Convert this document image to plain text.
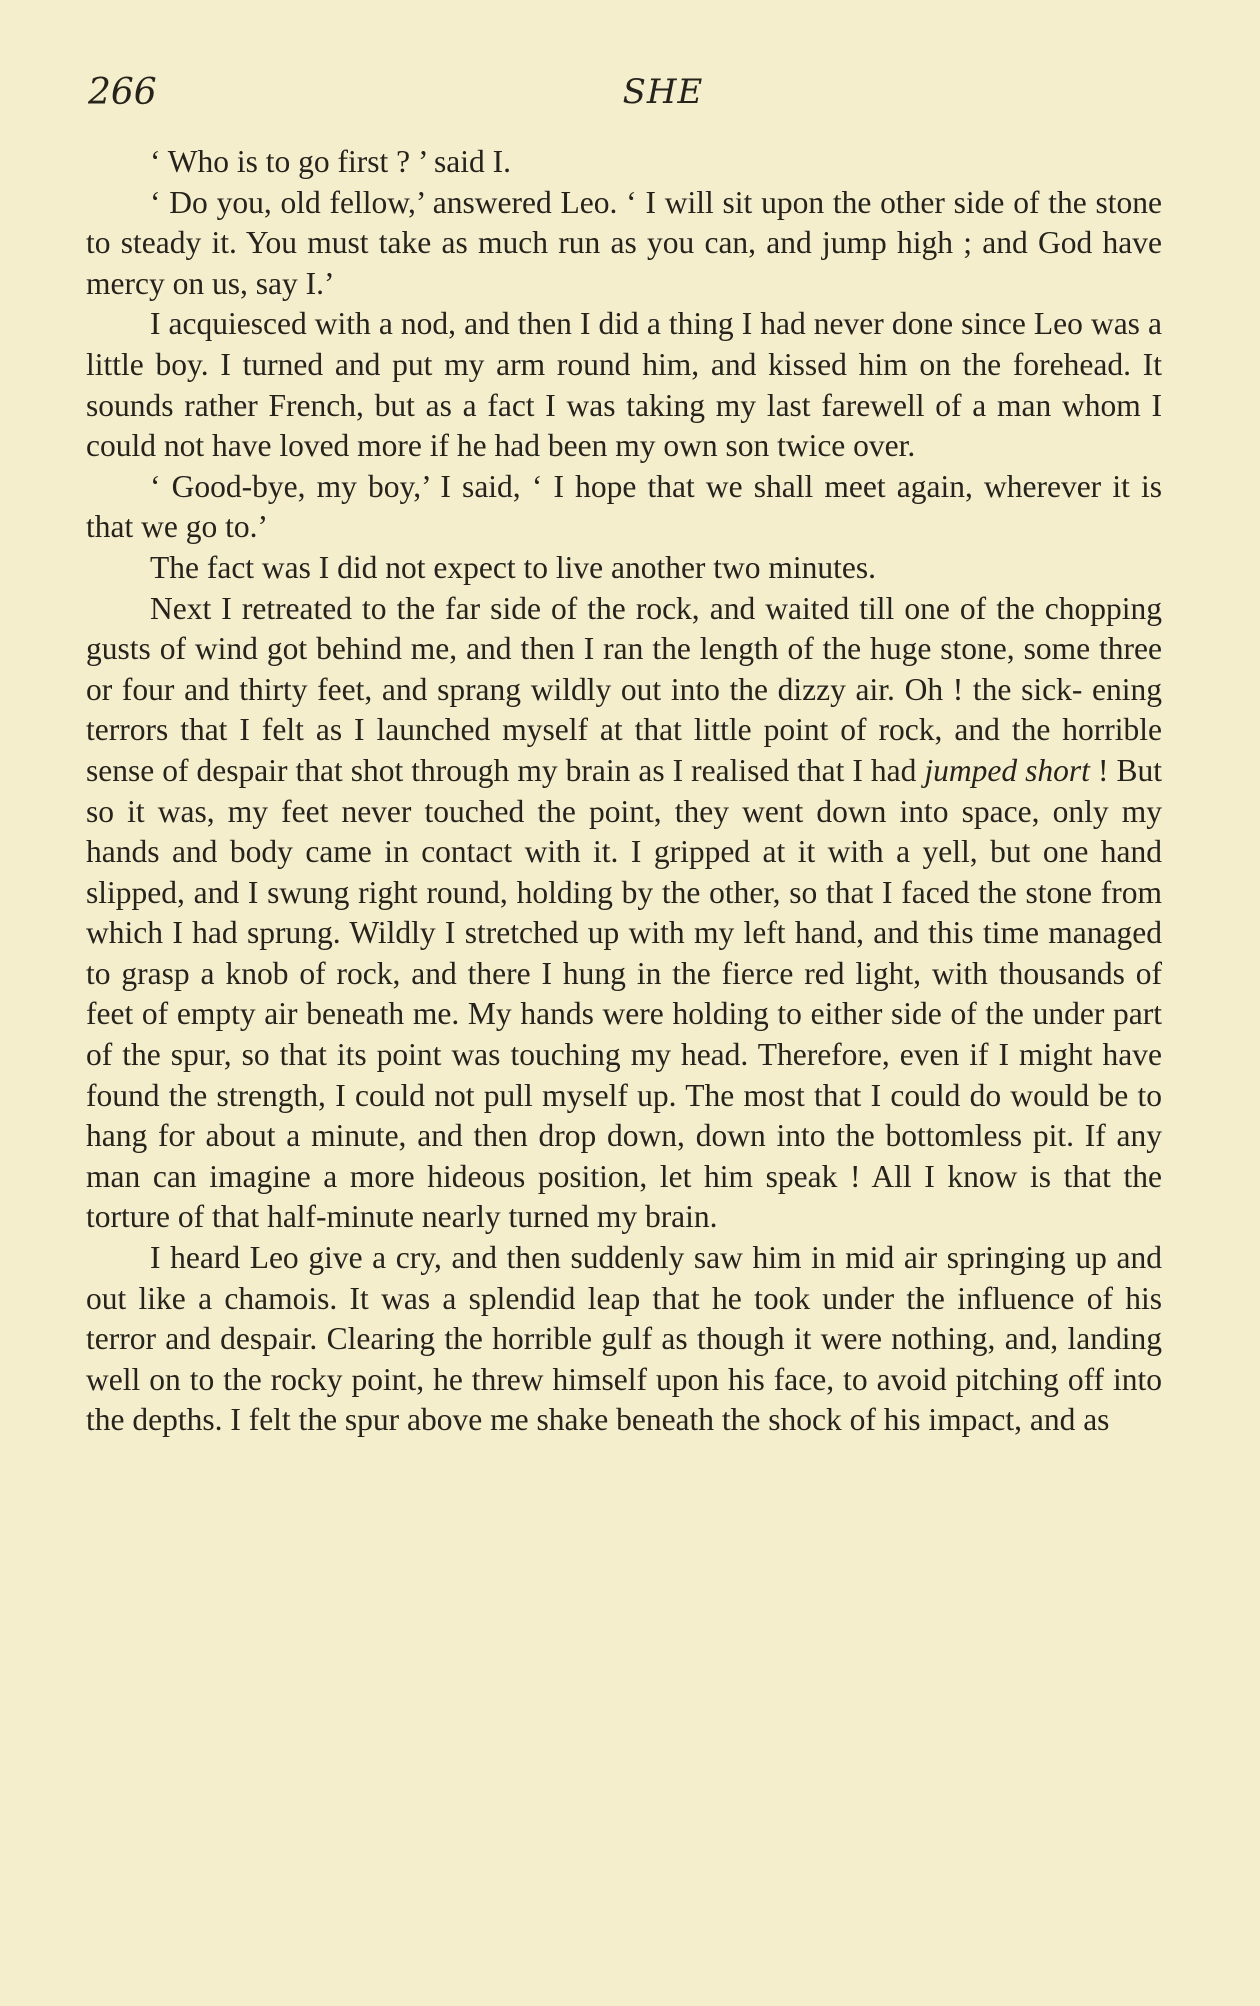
266	SHE

‘ Who is to go first ? ’ said I.

‘ Do you, old fellow,’ answered Leo. ‘ I will sit upon the other side of the stone to steady it. You must take as much run as you can, and jump high ; and God have mercy on us, say I.’

I acquiesced with a nod, and then I did a thing I had never done since Leo was a little boy. I turned and put my arm round him, and kissed him on the forehead. It sounds rather French, but as a fact I was taking my last farewell of a man whom I could not have loved more if he had been my own son twice over.

‘ Good-bye, my boy,’ I said, ‘ I hope that we shall meet again, wherever it is that we go to.’

The fact was I did not expect to live another two minutes.

Next I retreated to the far side of the rock, and waited till one of the chopping gusts of wind got behind me, and then I ran the length of the huge stone, some three or four and thirty feet, and sprang wildly out into the dizzy air. Oh ! the sick- ening terrors that I felt as I launched myself at that little point of rock, and the horrible sense of despair that shot through my brain as I realised that I had jumped short ! But so it was, my feet never touched the point, they went down into space, only my hands and body came in contact with it. I gripped at it with a yell, but one hand slipped, and I swung right round, holding by the other, so that I faced the stone from which I had sprung. Wildly I stretched up with my left hand, and this time managed to grasp a knob of rock, and there I hung in the fierce red light, with thousands of feet of empty air beneath me. My hands were holding to either side of the under part of the spur, so that its point was touching my head. Therefore, even if I might have found the strength, I could not pull myself up. The most that I could do would be to hang for about a minute, and then drop down, down into the bottomless pit. If any man can imagine a more hideous position, let him speak ! All I know is that the torture of that half-minute nearly turned my brain.

I heard Leo give a cry, and then suddenly saw him in mid air springing up and out like a chamois. It was a splendid leap that he took under the influence of his terror and despair. Clearing the horrible gulf as though it were nothing, and, landing well on to the rocky point, he threw himself upon his face, to avoid pitching off into the depths. I felt the spur above me shake beneath the shock of his impact, and as
